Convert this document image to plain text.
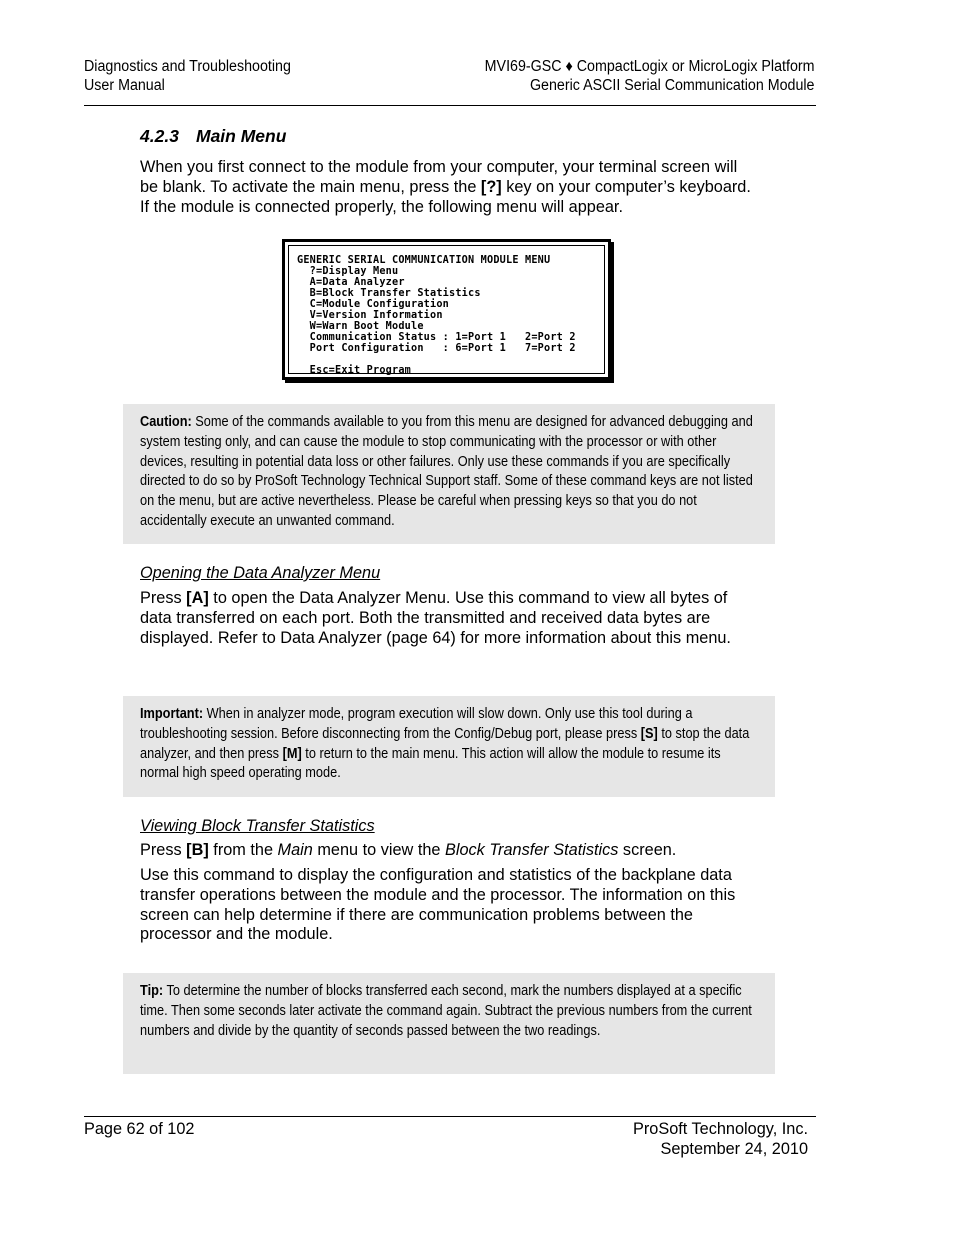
Diagnostics and Troubleshooting
User Manual
MVI69-GSC ♦ CompactLogix or MicroLogix Platform
Generic ASCII Serial Communication Module
4.2.3 Main Menu

When you first connect to the module from your computer, your terminal screen will be blank. To activate the main menu, press the [?] key on your computer’s keyboard. If the module is connected properly, the following menu will appear.

GENERIC SERIAL COMMUNICATION MODULE MENU
?=Display Menu
A=Data Analyzer
B=Block Transfer Statistics
C=Module Configuration
V=Version Information
W=Warn Boot Module
Communication Status : 1=Port 1   2=Port 2
Port Configuration   : 6=Port 1   7=Port 2

Esc=Exit Program

Caution: Some of the commands available to you from this menu are designed for advanced debugging and system testing only, and can cause the module to stop communicating with the processor or with other devices, resulting in potential data loss or other failures. Only use these commands if you are specifically directed to do so by ProSoft Technology Technical Support staff. Some of these command keys are not listed on the menu, but are active nevertheless. Please be careful when pressing keys so that you do not accidentally execute an unwanted command.

Opening the Data Analyzer Menu

Press [A] to open the Data Analyzer Menu. Use this command to view all bytes of data transferred on each port. Both the transmitted and received data bytes are displayed. Refer to Data Analyzer (page 64) for more information about this menu.

Important: When in analyzer mode, program execution will slow down. Only use this tool during a troubleshooting session. Before disconnecting from the Config/Debug port, please press [S] to stop the data analyzer, and then press [M] to return to the main menu. This action will allow the module to resume its normal high speed operating mode.

Viewing Block Transfer Statistics

Press [B] from the Main menu to view the Block Transfer Statistics screen.

Use this command to display the configuration and statistics of the backplane data transfer operations between the module and the processor. The information on this screen can help determine if there are communication problems between the processor and the module.

Tip: To determine the number of blocks transferred each second, mark the numbers displayed at a specific time. Then some seconds later activate the command again. Subtract the previous numbers from the current numbers and divide by the quantity of seconds passed between the two readings.

Page 62 of 102	ProSoft Technology, Inc.
September 24, 2010
